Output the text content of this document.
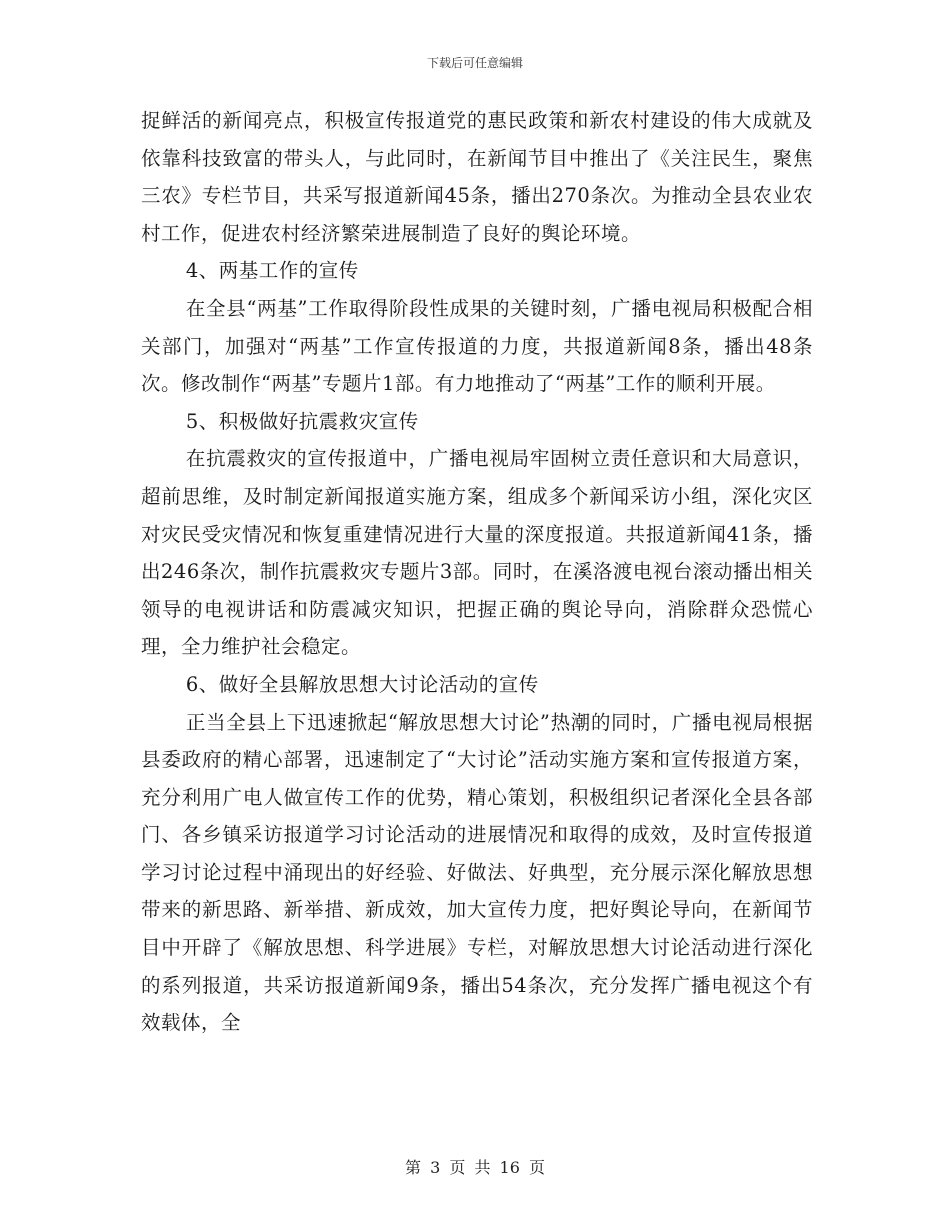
下载后可任意编辑

捉鲜活的新闻亮点，积极宣传报道党的惠民政策和新农村建设的伟大成就及依靠科技致富的带头人，与此同时，在新闻节目中推出了《关注民生，聚焦三农》专栏节目，共采写报道新闻45条，播出270条次。为推动全县农业农村工作，促进农村经济繁荣进展制造了良好的舆论环境。

4、两基工作的宣传

在全县“两基”工作取得阶段性成果的关键时刻，广播电视局积极配合相关部门，加强对“两基”工作宣传报道的力度，共报道新闻8条，播出48条次。修改制作“两基”专题片1部。有力地推动了“两基”工作的顺利开展。

5、积极做好抗震救灾宣传

在抗震救灾的宣传报道中，广播电视局牢固树立责任意识和大局意识，超前思维，及时制定新闻报道实施方案，组成多个新闻采访小组，深化灾区对灾民受灾情况和恢复重建情况进行大量的深度报道。共报道新闻41条，播出246条次，制作抗震救灾专题片3部。同时，在溪洛渡电视台滚动播出相关领导的电视讲话和防震减灾知识，把握正确的舆论导向，消除群众恐慌心理，全力维护社会稳定。

6、做好全县解放思想大讨论活动的宣传

正当全县上下迅速掀起“解放思想大讨论”热潮的同时，广播电视局根据县委政府的精心部署，迅速制定了“大讨论”活动实施方案和宣传报道方案，充分利用广电人做宣传工作的优势，精心策划，积极组织记者深化全县各部门、各乡镇采访报道学习讨论活动的进展情况和取得的成效，及时宣传报道学习讨论过程中涌现出的好经验、好做法、好典型，充分展示深化解放思想带来的新思路、新举措、新成效，加大宣传力度，把好舆论导向，在新闻节目中开辟了《解放思想、科学进展》专栏，对解放思想大讨论活动进行深化的系列报道，共采访报道新闻9条，播出54条次，充分发挥广播电视这个有效载体，全

第 3 页 共 16 页
